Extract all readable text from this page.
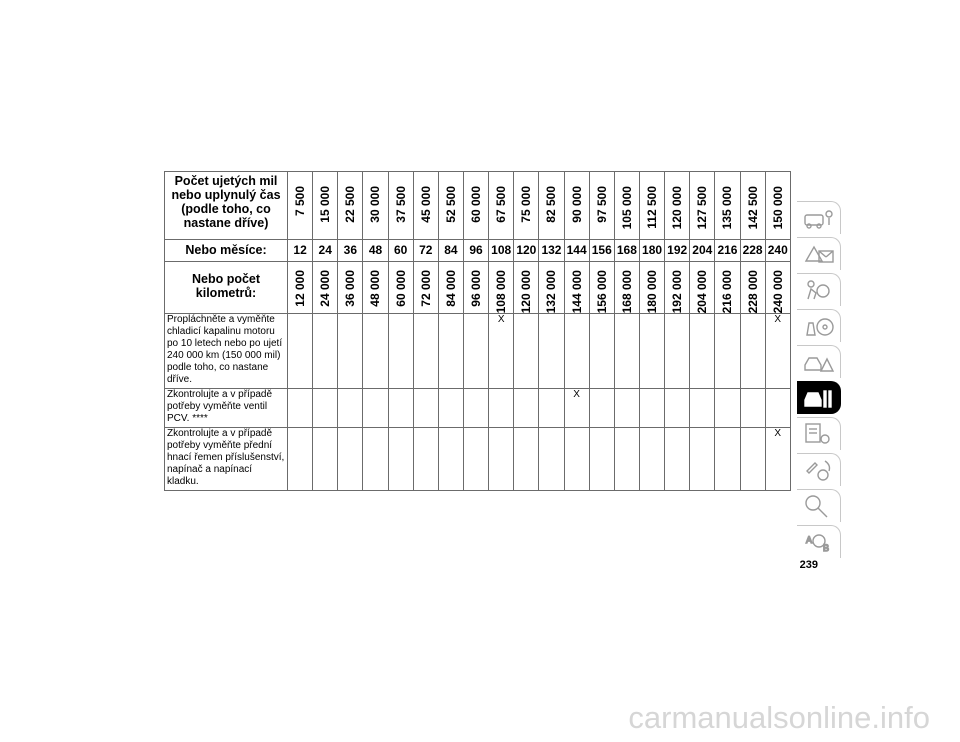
Počet ujetých mil nebo uplynulý čas (podle toho, co nastane dříve)	7 500	15 000	22 500	30 000	37 500	45 000	52 500	60 000	67 500	75 000	82 500	90 000	97 500	105 000	112 500	120 000	127 500	135 000	142 500	150 000
Nebo měsíce:	12	24	36	48	60	72	84	96	108	120	132	144	156	168	180	192	204	216	228	240
Nebo počet kilometrů:	12 000	24 000	36 000	48 000	60 000	72 000	84 000	96 000	108 000	120 000	132 000	144 000	156 000	168 000	180 000	192 000	204 000	216 000	228 000	240 000
Propláchněte a vyměňte chladicí kapalinu motoru po 10 letech nebo po ujetí 240 000 km (150 000 mil) podle toho, co nastane dříve.									X											X
Zkontrolujte a v případě potřeby vyměňte ventil PCV. ****												X								
Zkontrolujte a v případě potřeby vyměňte přední hnací řemen příslušenství, napínač a napínací kladku.																				X
A
B
239
carmanualsonline.info
